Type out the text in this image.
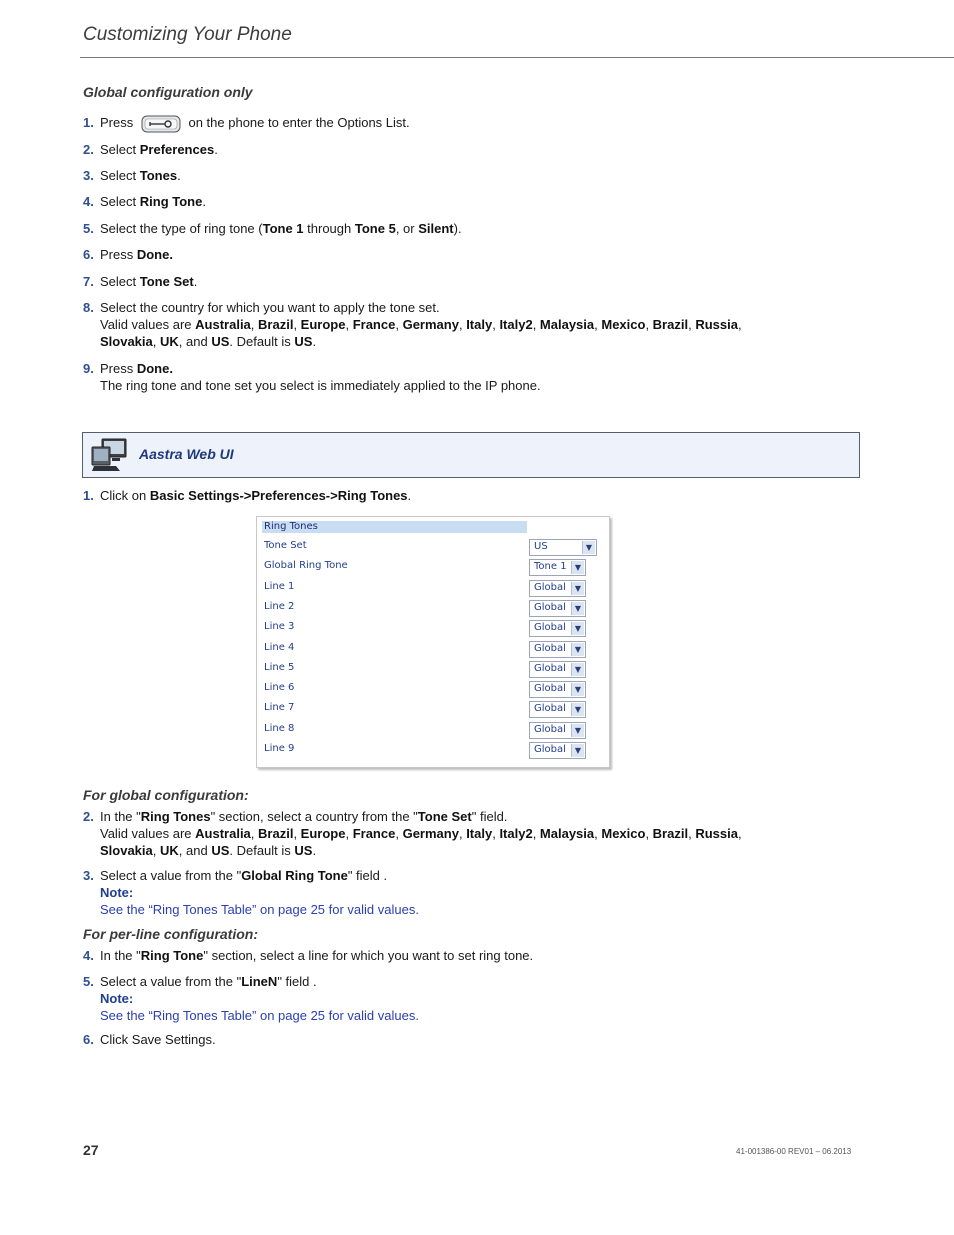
Customizing Your Phone
Global configuration only
1. Press	on the phone to enter the Options List.
2. Select Preferences.
3. Select Tones.
4. Select Ring Tone.
5. Select the type of ring tone (Tone 1 through Tone 5, or Silent).
6. Press Done.
7. Select Tone Set.
8. Select the country for which you want to apply the tone set.
Valid values are Australia, Brazil, Europe, France, Germany, Italy, Italy2, Malaysia, Mexico, Brazil, Russia, Slovakia, UK, and US. Default is US.
9. Press Done.
The ring tone and tone set you select is immediately applied to the IP phone.
Aastra Web UI
1. Click on Basic Settings->Preferences->Ring Tones.
Ring Tones
Tone Set	US	▼
Global Ring Tone	Tone 1	▼
Line 1	Global	▼
Line 2	Global	▼
Line 3	Global	▼
Line 4	Global	▼
Line 5	Global	▼
Line 6	Global	▼
Line 7	Global	▼
Line 8	Global	▼
Line 9	Global	▼
For global configuration:
2. In the "Ring Tones" section, select a country from the "Tone Set" field.
Valid values are Australia, Brazil, Europe, France, Germany, Italy, Italy2, Malaysia, Mexico, Brazil, Russia, Slovakia, UK, and US. Default is US.
3. Select a value from the "Global Ring Tone" field .
Note:
See the “Ring Tones Table” on page 25 for valid values.
For per-line configuration:
4. In the "Ring Tone" section, select a line for which you want to set ring tone.
5. Select a value from the "LineN" field .
Note:
See the “Ring Tones Table” on page 25 for valid values.
6. Click Save Settings.
27	41-001386-00 REV01 – 06.2013
